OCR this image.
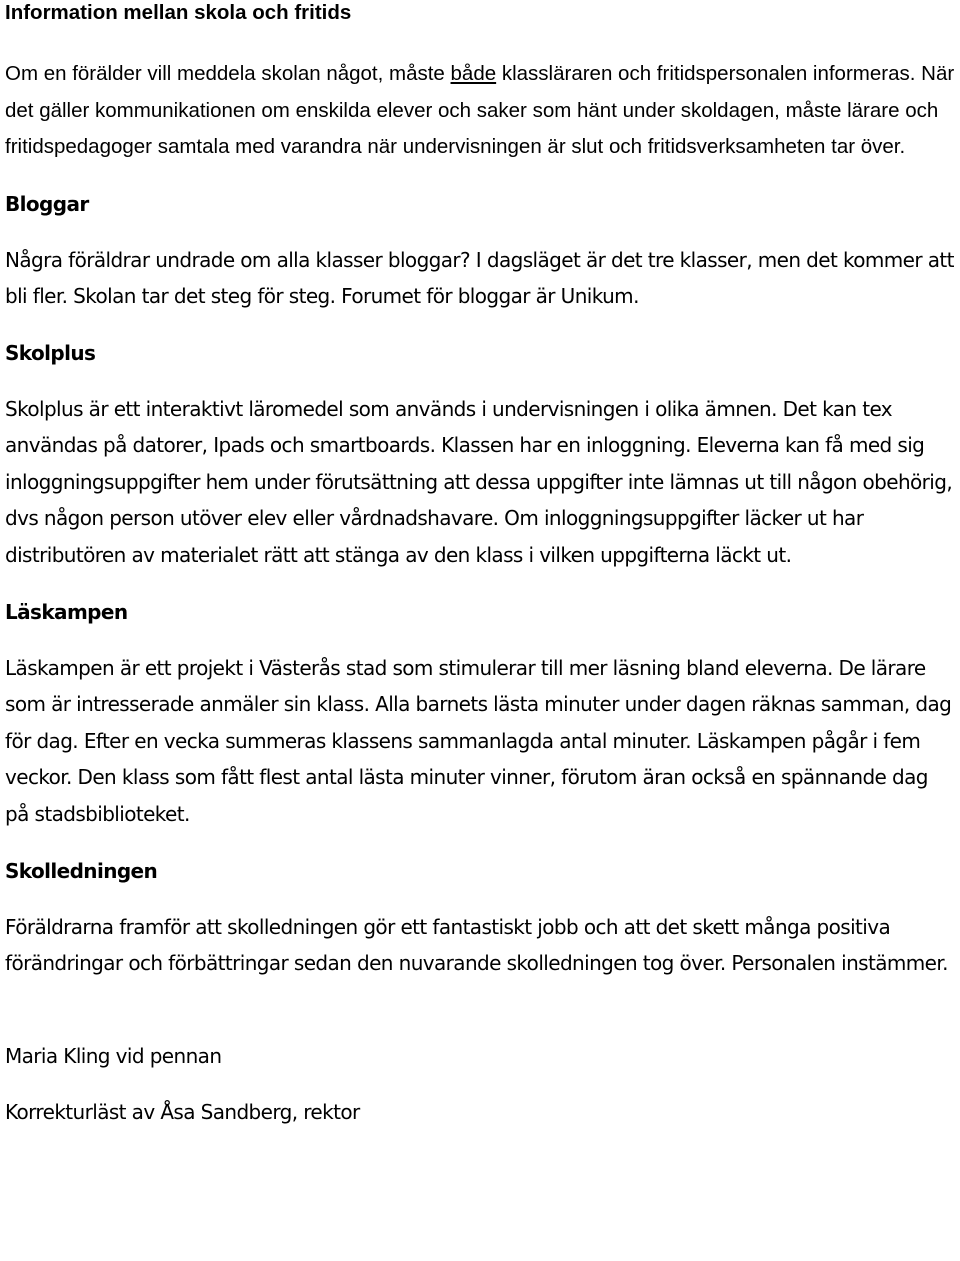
Information mellan skola och fritids

Om en förälder vill meddela skolan något, måste både klassläraren och fritidspersonalen informeras. När det gäller kommunikationen om enskilda elever och saker som hänt under skoldagen, måste lärare och fritidspedagoger samtala med varandra när undervisningen är slut och fritidsverksamheten tar över.

Bloggar

Några föräldrar undrade om alla klasser bloggar? I dagsläget är det tre klasser, men det kommer att bli fler. Skolan tar det steg för steg. Forumet för bloggar är Unikum.

Skolplus

Skolplus är ett interaktivt läromedel som används i undervisningen i olika ämnen. Det kan tex användas på datorer, Ipads och smartboards. Klassen har en inloggning. Eleverna kan få med sig inloggningsuppgifter hem under förutsättning att dessa uppgifter inte lämnas ut till någon obehörig, dvs någon person utöver elev eller vårdnadshavare. Om inloggningsuppgifter läcker ut har distributören av materialet rätt att stänga av den klass i vilken uppgifterna läckt ut.

Läskampen

Läskampen är ett projekt i Västerås stad som stimulerar till mer läsning bland eleverna. De lärare som är intresserade anmäler sin klass. Alla barnets lästa minuter under dagen räknas samman, dag för dag. Efter en vecka summeras klassens sammanlagda antal minuter. Läskampen pågår i fem veckor. Den klass som fått flest antal lästa minuter vinner, förutom äran också en spännande dag på stadsbiblioteket.

Skolledningen

Föräldrarna framför att skolledningen gör ett fantastiskt jobb och att det skett många positiva förändringar och förbättringar sedan den nuvarande skolledningen tog över. Personalen instämmer.

Maria Kling vid pennan

Korrekturläst av Åsa Sandberg, rektor
